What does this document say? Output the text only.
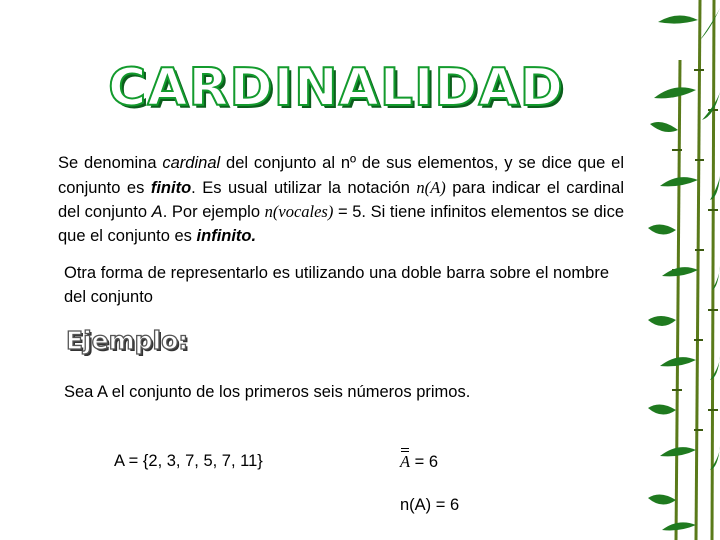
CARDINALIDAD
Se denomina cardinal del conjunto al nº de sus elementos, y se dice que el conjunto es finito. Es usual utilizar la notación n(A) para indicar el cardinal del conjunto A. Por ejemplo n(vocales) = 5. Si tiene infinitos elementos se dice que el conjunto es infinito.
Otra forma de representarlo es utilizando una doble barra sobre el nombre del conjunto
Ejemplo:
Sea A el conjunto de los primeros seis números primos.
A = {2, 3, 7, 5, 7, 11}	A = 6
n(A) = 6
